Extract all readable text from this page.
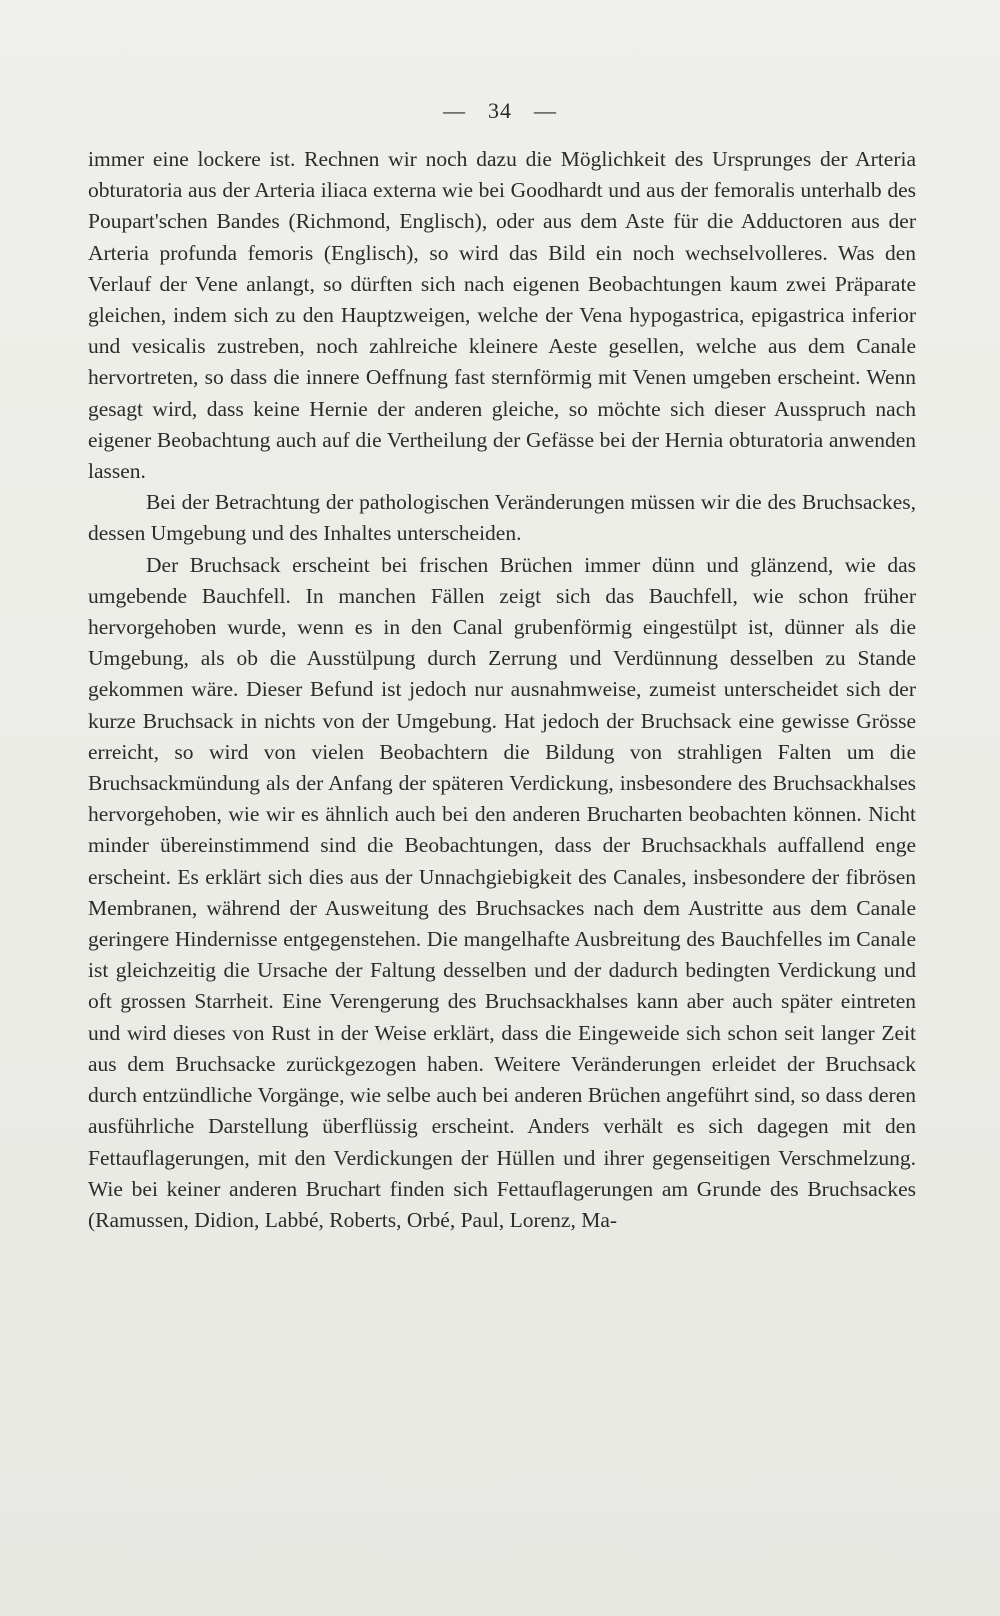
— 34 —

immer eine lockere ist. Rechnen wir noch dazu die Möglichkeit des Ursprunges der Arteria obturatoria aus der Arteria iliaca externa wie bei Goodhardt und aus der femoralis unterhalb des Poupart'schen Bandes (Richmond, Englisch), oder aus dem Aste für die Adductoren aus der Arteria profunda femoris (Englisch), so wird das Bild ein noch wechselvolleres. Was den Verlauf der Vene anlangt, so dürften sich nach eigenen Beobachtungen kaum zwei Präparate gleichen, indem sich zu den Hauptzweigen, welche der Vena hypogastrica, epigastrica inferior und vesicalis zustreben, noch zahlreiche kleinere Aeste gesellen, welche aus dem Canale hervortreten, so dass die innere Oeffnung fast sternförmig mit Venen umgeben erscheint. Wenn gesagt wird, dass keine Hernie der anderen gleiche, so möchte sich dieser Ausspruch nach eigener Beobachtung auch auf die Vertheilung der Gefässe bei der Hernia obturatoria anwenden lassen.

Bei der Betrachtung der pathologischen Veränderungen müssen wir die des Bruchsackes, dessen Umgebung und des Inhaltes unterscheiden.

Der Bruchsack erscheint bei frischen Brüchen immer dünn und glänzend, wie das umgebende Bauchfell. In manchen Fällen zeigt sich das Bauchfell, wie schon früher hervorgehoben wurde, wenn es in den Canal grubenförmig eingestülpt ist, dünner als die Umgebung, als ob die Ausstülpung durch Zerrung und Verdünnung desselben zu Stande gekommen wäre. Dieser Befund ist jedoch nur ausnahmweise, zumeist unterscheidet sich der kurze Bruchsack in nichts von der Umgebung. Hat jedoch der Bruchsack eine gewisse Grösse erreicht, so wird von vielen Beobachtern die Bildung von strahligen Falten um die Bruchsackmündung als der Anfang der späteren Verdickung, insbesondere des Bruchsackhalses hervorgehoben, wie wir es ähnlich auch bei den anderen Brucharten beobachten können. Nicht minder übereinstimmend sind die Beobachtungen, dass der Bruchsackhals auffallend enge erscheint. Es erklärt sich dies aus der Unnachgiebigkeit des Canales, insbesondere der fibrösen Membranen, während der Ausweitung des Bruchsackes nach dem Austritte aus dem Canale geringere Hindernisse entgegenstehen. Die mangelhafte Ausbreitung des Bauchfelles im Canale ist gleichzeitig die Ursache der Faltung desselben und der dadurch bedingten Verdickung und oft grossen Starrheit. Eine Verengerung des Bruchsackhalses kann aber auch später eintreten und wird dieses von Rust in der Weise erklärt, dass die Eingeweide sich schon seit langer Zeit aus dem Bruchsacke zurückgezogen haben. Weitere Veränderungen erleidet der Bruchsack durch entzündliche Vorgänge, wie selbe auch bei anderen Brüchen angeführt sind, so dass deren ausführliche Darstellung überflüssig erscheint. Anders verhält es sich dagegen mit den Fettauflagerungen, mit den Verdickungen der Hüllen und ihrer gegenseitigen Verschmelzung. Wie bei keiner anderen Bruchart finden sich Fettauflagerungen am Grunde des Bruchsackes (Ramussen, Didion, Labbé, Roberts, Orbé, Paul, Lorenz, Ma-
